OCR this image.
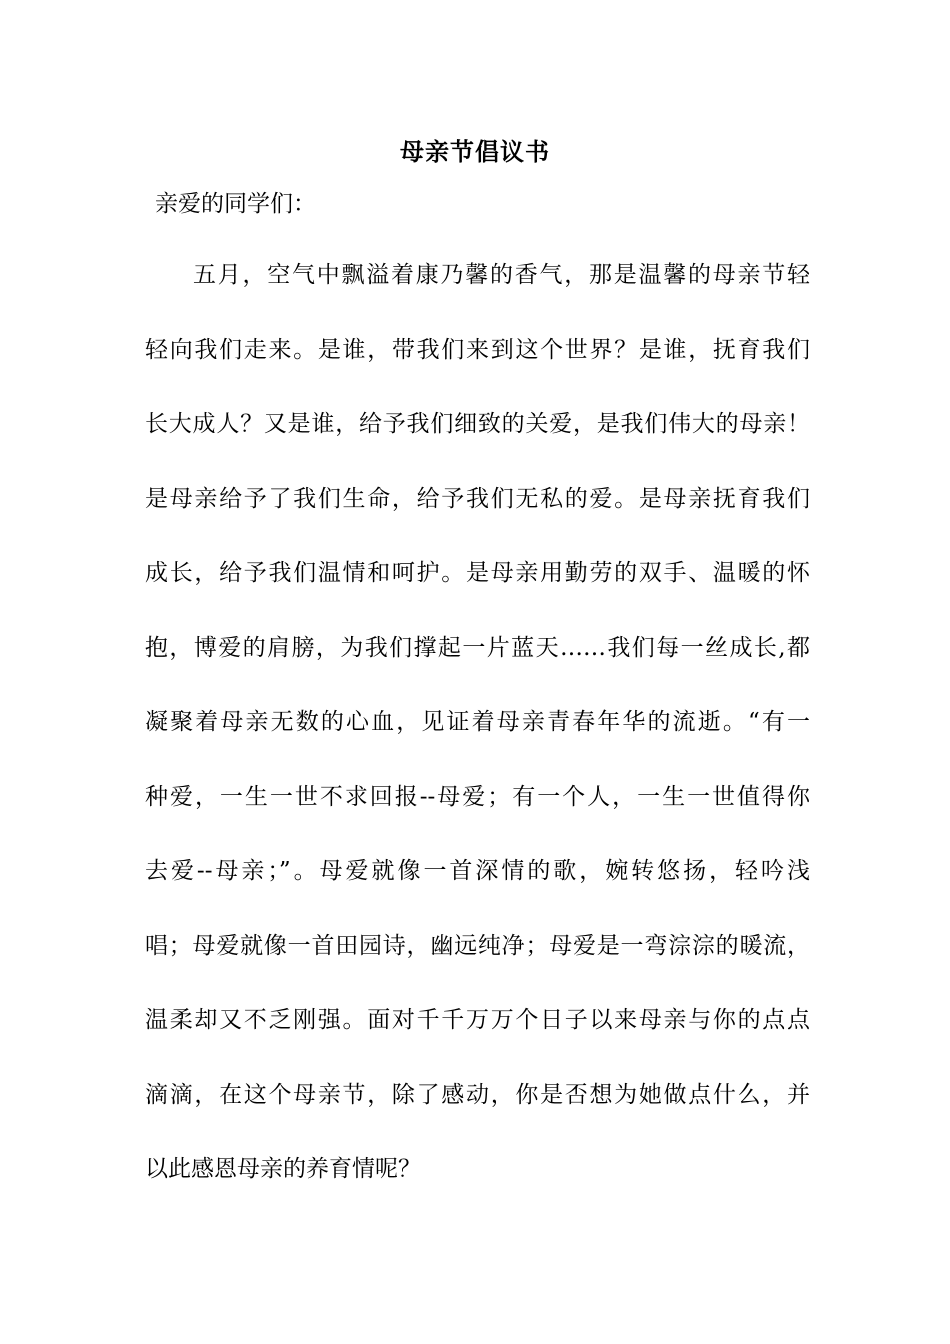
母亲节倡议书
亲爱的同学们：
五月，空气中飘溢着康乃馨的香气，那是温馨的母亲节轻
轻向我们走来。是谁，带我们来到这个世界？是谁，抚育我们
长大成人？又是谁，给予我们细致的关爱，是我们伟大的母亲！
是母亲给予了我们生命，给予我们无私的爱。是母亲抚育我们
成长，给予我们温情和呵护。是母亲用勤劳的双手、温暖的怀
抱，博爱的肩膀，为我们撑起一片蓝天……我们每一丝成长,都
凝聚着母亲无数的心血，见证着母亲青春年华的流逝。“有一
种爱，一生一世不求回报--母爱；有一个人，一生一世值得你
去爱--母亲；”。母爱就像一首深情的歌，婉转悠扬，轻吟浅
唱；母爱就像一首田园诗，幽远纯净；母爱是一弯淙淙的暖流，
温柔却又不乏刚强。面对千千万万个日子以来母亲与你的点点
滴滴，在这个母亲节，除了感动，你是否想为她做点什么，并
以此感恩母亲的养育情呢？
